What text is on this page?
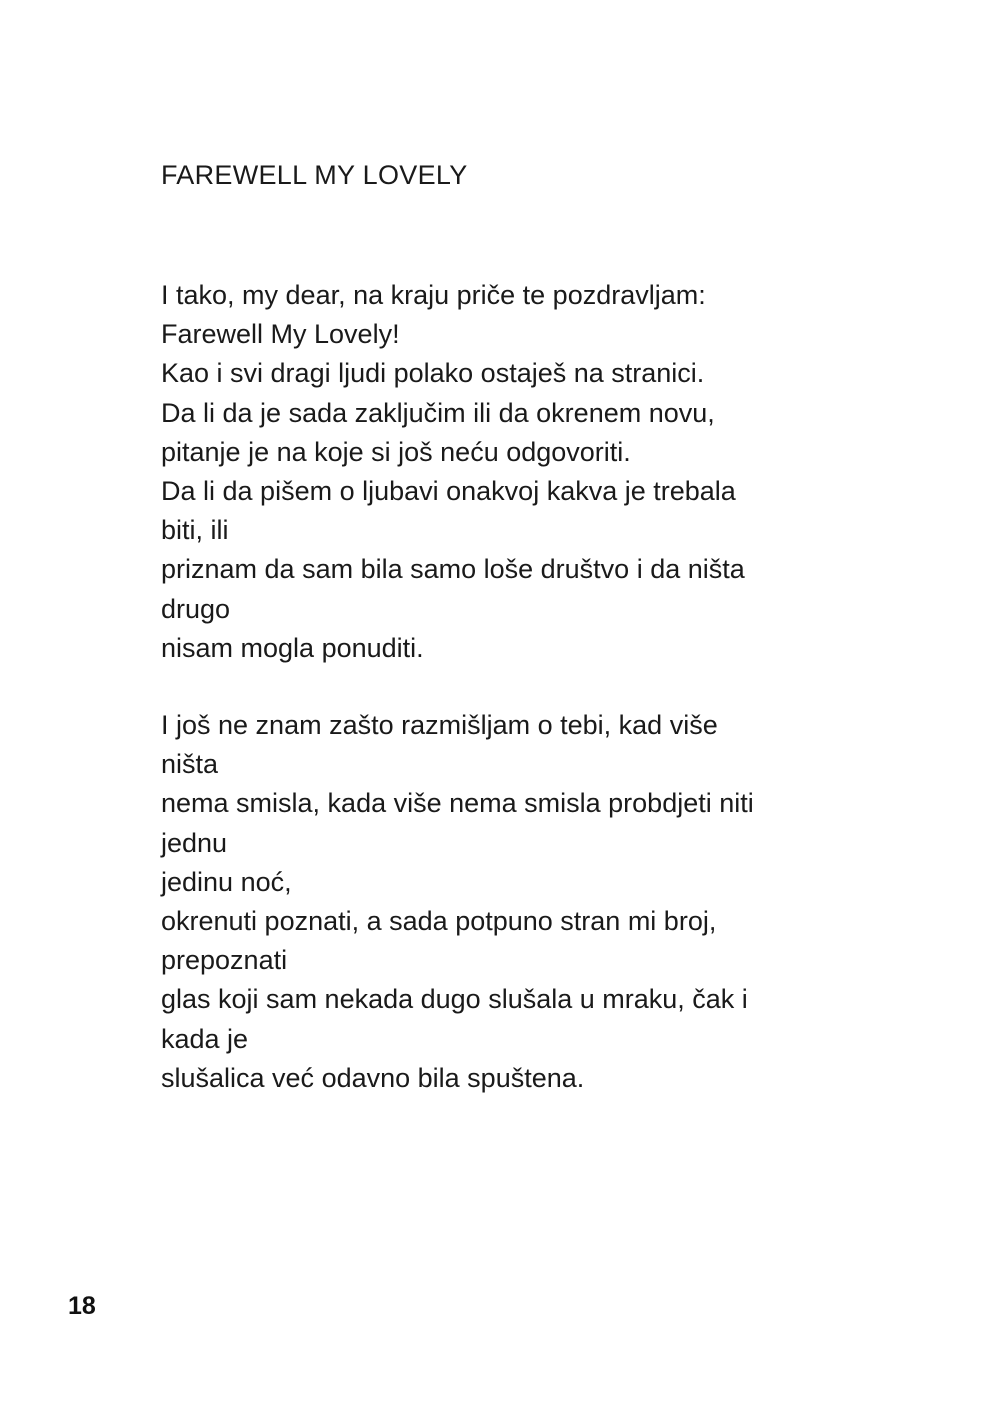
FAREWELL MY LOVELY
I tako, my dear, na kraju priče te pozdravljam:
Farewell My Lovely!
Kao i svi dragi ljudi polako ostaješ na stranici.
Da li da je sada zaključim ili da okrenem novu,
pitanje je na koje si još neću odgovoriti.
Da li da pišem o ljubavi onakvoj kakva je trebala
biti, ili
priznam da sam bila samo loše društvo i da ništa
drugo
nisam mogla ponuditi.
I još ne znam zašto razmišljam o tebi, kad više
ništa
nema smisla, kada više nema smisla probdjeti niti
jednu
jedinu noć,
okrenuti poznati, a sada potpuno stran mi broj,
prepoznati
glas koji sam nekada dugo slušala u mraku, čak i
kada je
slušalica već odavno bila spuštena.
18
